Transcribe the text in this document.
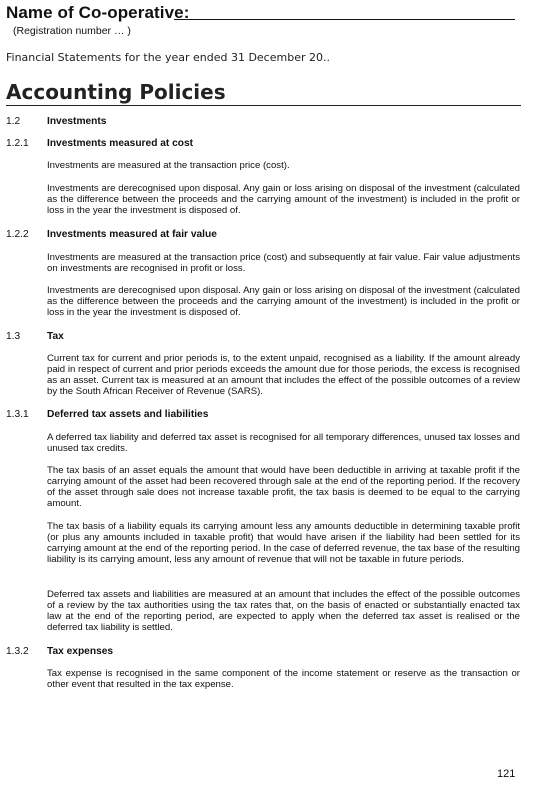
Name of Co-operative:
(Registration number … )
Financial Statements for the year ended 31 December 20..
Accounting Policies
1.2	Investments
1.2.1 Investments measured at cost
Investments are measured at the transaction price (cost).
Investments are derecognised upon disposal. Any gain or loss arising on disposal of the investment (calculated as the difference between the proceeds and the carrying amount of the investment) is included in the profit or loss in the year the investment is disposed of.
1.2.2 Investments measured at fair value
Investments are measured at the transaction price (cost) and subsequently at fair value. Fair value adjustments on investments are recognised in profit or loss.
Investments are derecognised upon disposal. Any gain or loss arising on disposal of the investment (calculated as the difference between the proceeds and the carrying amount of the investment) is included in the profit or loss in the year the investment is disposed of.
1.3	Tax
Current tax for current and prior periods is, to the extent unpaid, recognised as a liability. If the amount already paid in respect of current and prior periods exceeds the amount due for those periods, the excess is recognised as an asset. Current tax is measured at an amount that includes the effect of the possible outcomes of a review by the South African Receiver of Revenue (SARS).
1.3.1 Deferred tax assets and liabilities
A deferred tax liability and deferred tax asset is recognised for all temporary differences, unused tax losses and unused tax credits.
The tax basis of an asset equals the amount that would have been deductible in arriving at taxable profit if the carrying amount of the asset had been recovered through sale at the end of the reporting period. If the recovery of the asset through sale does not increase taxable profit, the tax basis is deemed to be equal to the carrying amount.
The tax basis of a liability equals its carrying amount less any amounts deductible in determining taxable profit (or plus any amounts included in taxable profit) that would have arisen if the liability had been settled for its carrying amount at the end of the reporting period. In the case of deferred revenue, the tax base of the resulting liability is its carrying amount, less any amount of revenue that will not be taxable in future periods.
Deferred tax assets and liabilities are measured at an amount that includes the effect of the possible outcomes of a review by the tax authorities using the tax rates that, on the basis of enacted or substantially enacted tax law at the end of the reporting period, are expected to apply when the deferred tax asset is realised or the deferred tax liability is settled.
1.3.2 Tax expenses
Tax expense is recognised in the same component of the income statement or reserve as the transaction or other event that resulted in the tax expense.
121
